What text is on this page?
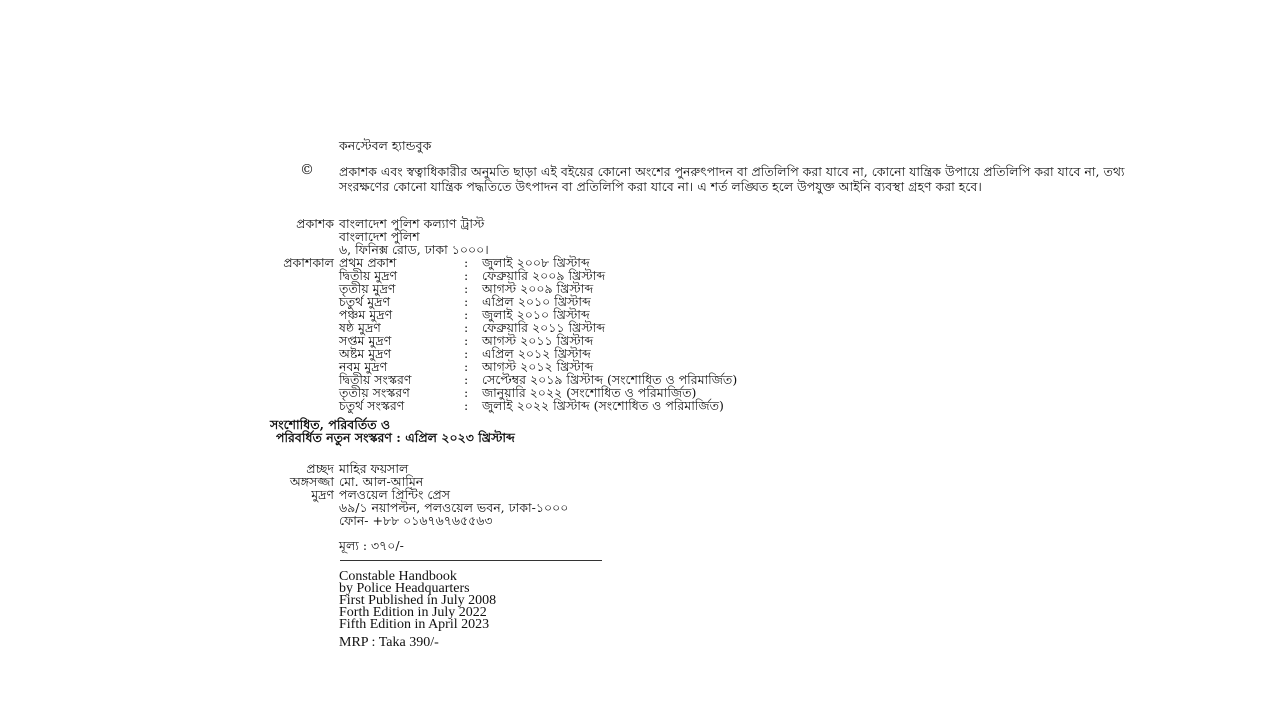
কনস্টেবল হ্যান্ডবুক
© প্রকাশক এবং স্বত্বাধিকারীর অনুমতি ছাড়া এই বইয়ের কোনো অংশের পুনরুৎপাদন বা প্রতিলিপি করা যাবে না, কোনো যান্ত্রিক উপায়ে প্রতিলিপি করা যাবে না, তথ্য সংরক্ষণের কোনো যান্ত্রিক পদ্ধতিতে উৎপাদন বা প্রতিলিপি করা যাবে না। এ শর্ত লঙ্ঘিত হলে উপযুক্ত আইনি ব্যবস্থা গ্রহণ করা হবে।
প্রকাশক বাংলাদেশ পুলিশ কল্যাণ ট্রাস্ট
বাংলাদেশ পুলিশ
৬, ফিনিক্স রোড, ঢাকা ১০০০।
প্রকাশকাল প্রথম প্রকাশ	:	জুলাই ২০০৮ খ্রিস্টাব্দ
দ্বিতীয় মুদ্রণ	:	ফেব্রুয়ারি ২০০৯ খ্রিস্টাব্দ
তৃতীয় মুদ্রণ	:	আগস্ট ২০০৯ খ্রিস্টাব্দ
চতুর্থ মুদ্রণ	:	এপ্রিল ২০১০ খ্রিস্টাব্দ
পঞ্চম মুদ্রণ	:	জুলাই ২০১০ খ্রিস্টাব্দ
ষষ্ঠ মুদ্রণ	:	ফেব্রুয়ারি ২০১১ খ্রিস্টাব্দ
সপ্তম মুদ্রণ	:	আগস্ট ২০১১ খ্রিস্টাব্দ
অষ্টম মুদ্রণ	:	এপ্রিল ২০১২ খ্রিস্টাব্দ
নবম মুদ্রণ	:	আগস্ট ২০১২ খ্রিস্টাব্দ
দ্বিতীয় সংস্করণ	:	সেপ্টেম্বর ২০১৯ খ্রিস্টাব্দ (সংশোধিত ও পরিমার্জিত)
তৃতীয় সংস্করণ	:	জানুয়ারি ২০২২ (সংশোধিত ও পরিমার্জিত)
চতুর্থ সংস্করণ	:	জুলাই ২০২২ খ্রিস্টাব্দ (সংশোধিত ও পরিমার্জিত)
সংশোধিত, পরিবর্তিত ও
পরিবর্ধিত নতুন সংস্করণ : এপ্রিল ২০২৩ খ্রিস্টাব্দ
প্রচ্ছদ মাহির ফয়সাল
অঙ্গসজ্জা মো. আল-আমিন
মুদ্রণ পলওয়েল প্রিন্টিং প্রেস
৬৯/১ নয়াপল্টন, পলওয়েল ভবন, ঢাকা-১০০০
ফোন- +৮৮ ০১৬৭৬৭৬৫৫৬৩
মূল্য : ৩৭০/-
Constable Handbook
by Police Headquarters
First Published in July 2008
Forth Edition in July 2022
Fifth Edition in April 2023
MRP : Taka 390/-
